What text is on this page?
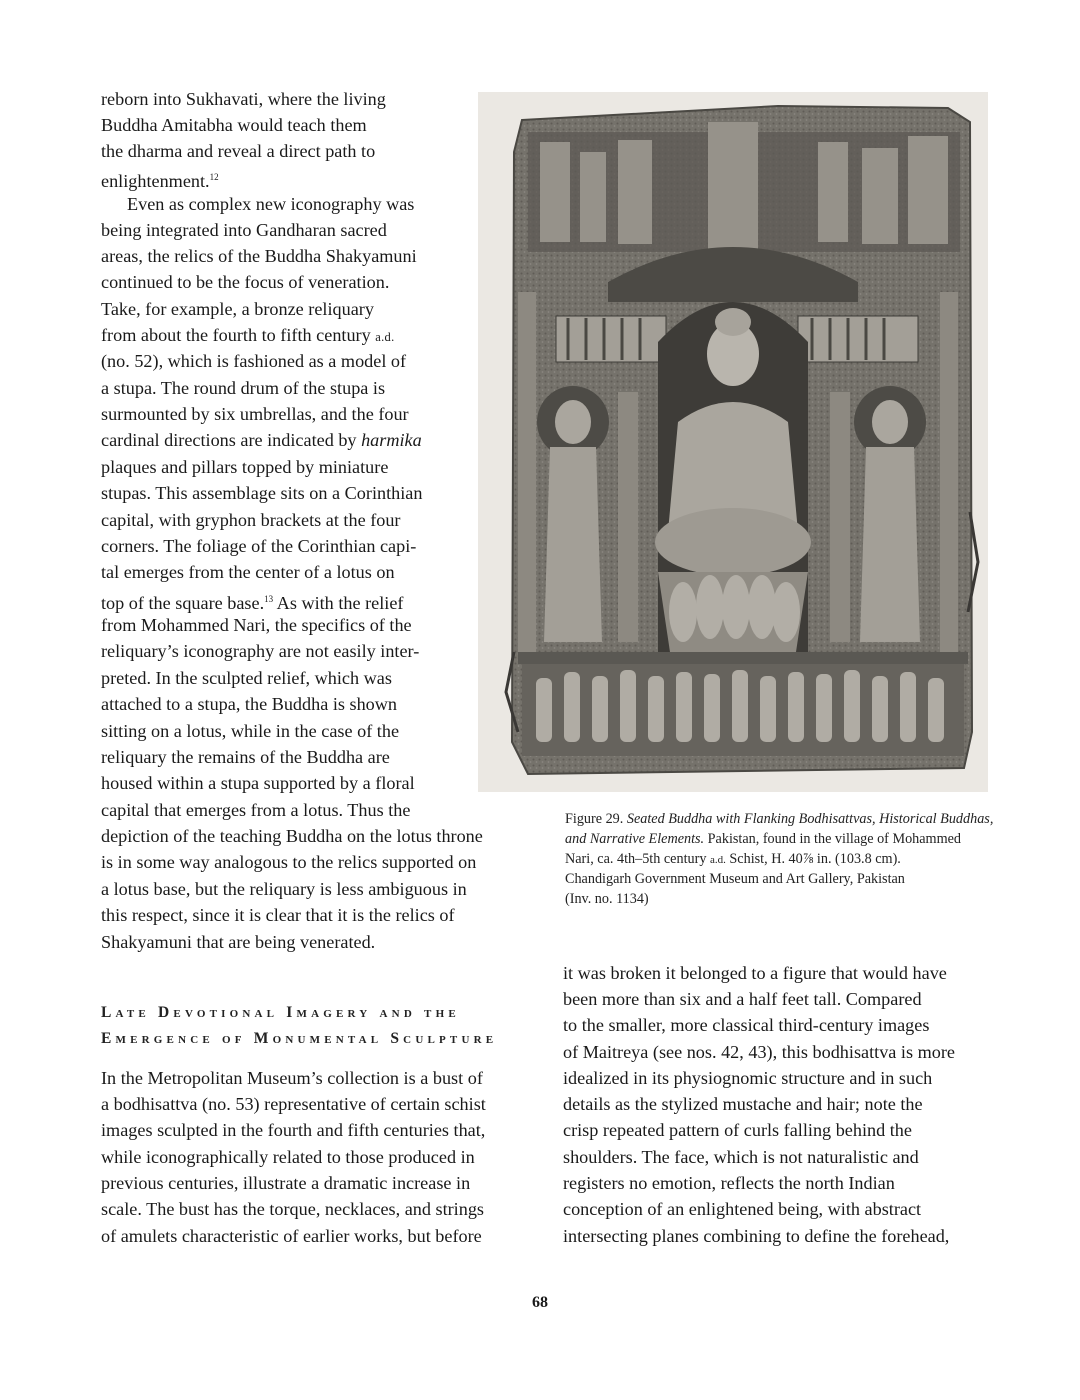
reborn into Sukhavati, where the living
Buddha Amitabha would teach them
the dharma and reveal a direct path to
enlightenment.$^{12}$
Even as complex new iconography was
being integrated into Gandharan sacred
areas, the relics of the Buddha Shakyamuni
continued to be the focus of veneration.
Take, for example, a bronze reliquary
from about the fourth to fifth century a.d.
(no. 52), which is fashioned as a model of
a stupa. The round drum of the stupa is
surmounted by six umbrellas, and the four
cardinal directions are indicated by harmika
plaques and pillars topped by miniature
stupas. This assemblage sits on a Corinthian
capital, with gryphon brackets at the four
corners. The foliage of the Corinthian capi-
tal emerges from the center of a lotus on
top of the square base.$^{13}$ As with the relief
from Mohammed Nari, the specifics of the
reliquary’s iconography are not easily inter-
preted. In the sculpted relief, which was
attached to a stupa, the Buddha is shown
sitting on a lotus, while in the case of the
reliquary the remains of the Buddha are
housed within a stupa supported by a floral
capital that emerges from a lotus. Thus the
depiction of the teaching Buddha on the lotus throne
is in some way analogous to the relics supported on
a lotus base, but the reliquary is less ambiguous in
this respect, since it is clear that it is the relics of
Shakyamuni that are being venerated.
Figure 29. Seated Buddha with Flanking Bodhisattvas, Historical Buddhas,
and Narrative Elements. Pakistan, found in the village of Mohammed
Nari, ca. 4th–5th century a.d. Schist, H. 40⅞ in. (103.8 cm).
Chandigarh Government Museum and Art Gallery, Pakistan
(Inv. no. 1134)
Late Devotional Imagery and the
Emergence of Monumental Sculpture
In the Metropolitan Museum’s collection is a bust of
a bodhisattva (no. 53) representative of certain schist
images sculpted in the fourth and fifth centuries that,
while iconographically related to those produced in
previous centuries, illustrate a dramatic increase in
scale. The bust has the torque, necklaces, and strings
of amulets characteristic of earlier works, but before
it was broken it belonged to a figure that would have
been more than six and a half feet tall. Compared
to the smaller, more classical third-century images
of Maitreya (see nos. 42, 43), this bodhisattva is more
idealized in its physiognomic structure and in such
details as the stylized mustache and hair; note the
crisp repeated pattern of curls falling behind the
shoulders. The face, which is not naturalistic and
registers no emotion, reflects the north Indian
conception of an enlightened being, with abstract
intersecting planes combining to define the forehead,
68
